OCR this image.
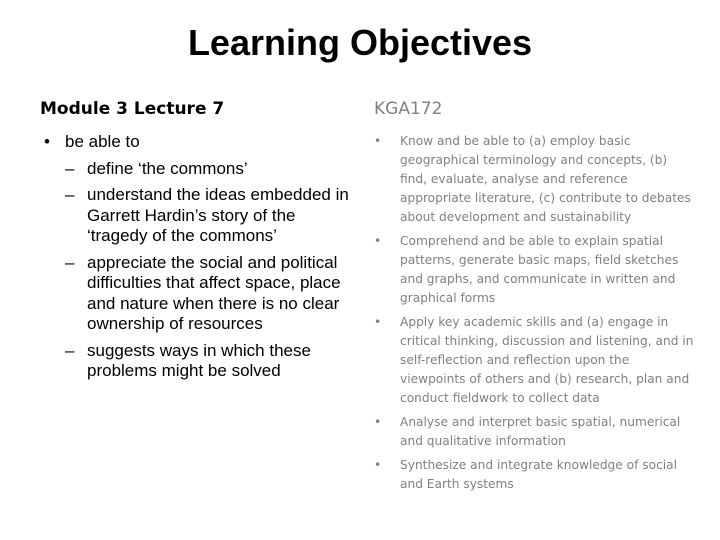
Learning Objectives
Module 3 Lecture 7
• be able to
– define ‘the commons’
– understand the ideas embedded in Garrett Hardin’s story of the ‘tragedy of the commons’
– appreciate the social and political difficulties that affect space, place and nature when there is no clear ownership of resources
– suggests ways in which these problems might be solved
KGA172
• Know and be able to (a) employ basic geographical terminology and concepts, (b) find, evaluate, analyse and reference appropriate literature, (c) contribute to debates about development and sustainability
• Comprehend and be able to explain spatial patterns, generate basic maps, field sketches and graphs, and communicate in written and graphical forms
• Apply key academic skills and (a) engage in critical thinking, discussion and listening, and in self-reflection and reflection upon the viewpoints of others and (b) research, plan and conduct fieldwork to collect data
• Analyse and interpret basic spatial, numerical and qualitative information
• Synthesize and integrate knowledge of social and Earth systems
